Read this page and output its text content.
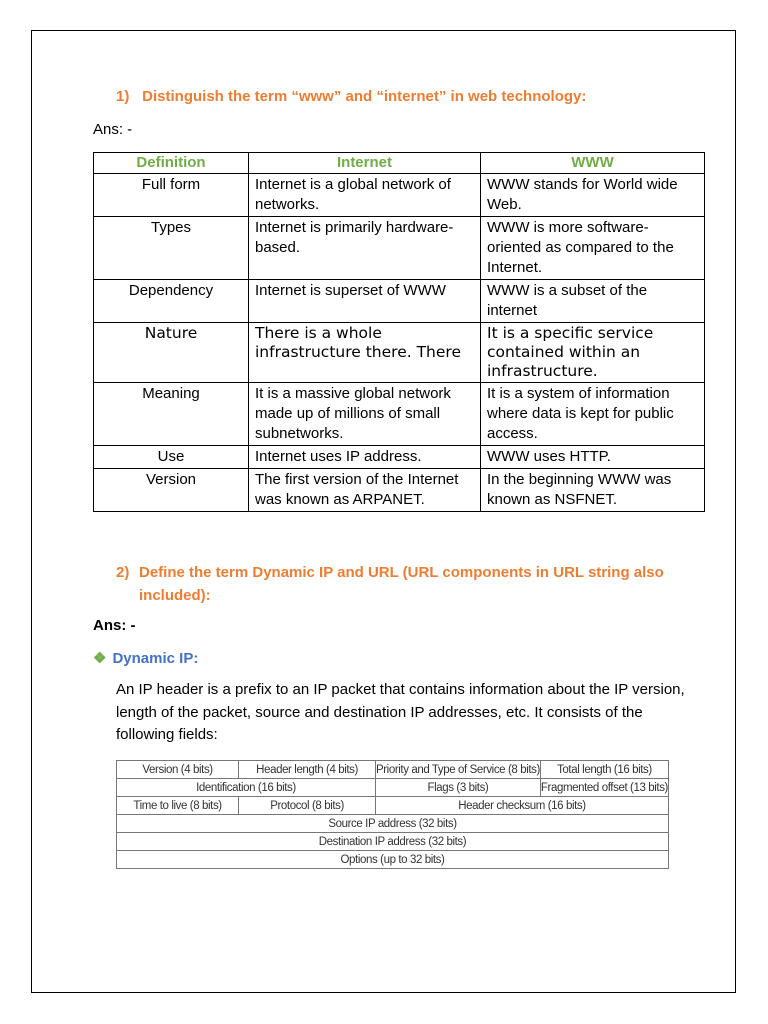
1) Distinguish the term “www” and “internet” in web technology:
Ans: -
Definition	Internet	WWW
Full form	Internet is a global network of networks.	WWW stands for World wide Web.
Types	Internet is primarily hardware-based.	WWW is more software-oriented as compared to the Internet.
Dependency	Internet is superset of WWW	WWW is a subset of the internet
Nature	There is a whole infrastructure there. There	It is a specific service contained within an infrastructure.
Meaning	It is a massive global network made up of millions of small subnetworks.	It is a system of information where data is kept for public access.
Use	Internet uses IP address.	WWW uses HTTP.
Version	The first version of the Internet was known as ARPANET.	In the beginning WWW was known as NSFNET.
2) Define the term Dynamic IP and URL (URL components in URL string also included):
Ans: -
❖ Dynamic IP:
An IP header is a prefix to an IP packet that contains information about the IP version, length of the packet, source and destination IP addresses, etc. It consists of the following fields:
Version (4 bits)	Header length (4 bits)	Priority and Type of Service (8 bits)	Total length (16 bits)
Identification (16 bits)		Flags (3 bits)	Fragmented offset (13 bits)
Time to live (8 bits)	Protocol (8 bits)	Header checksum (16 bits)	
Source IP address (32 bits)			
Destination IP address (32 bits)			
Options (up to 32 bits)			
